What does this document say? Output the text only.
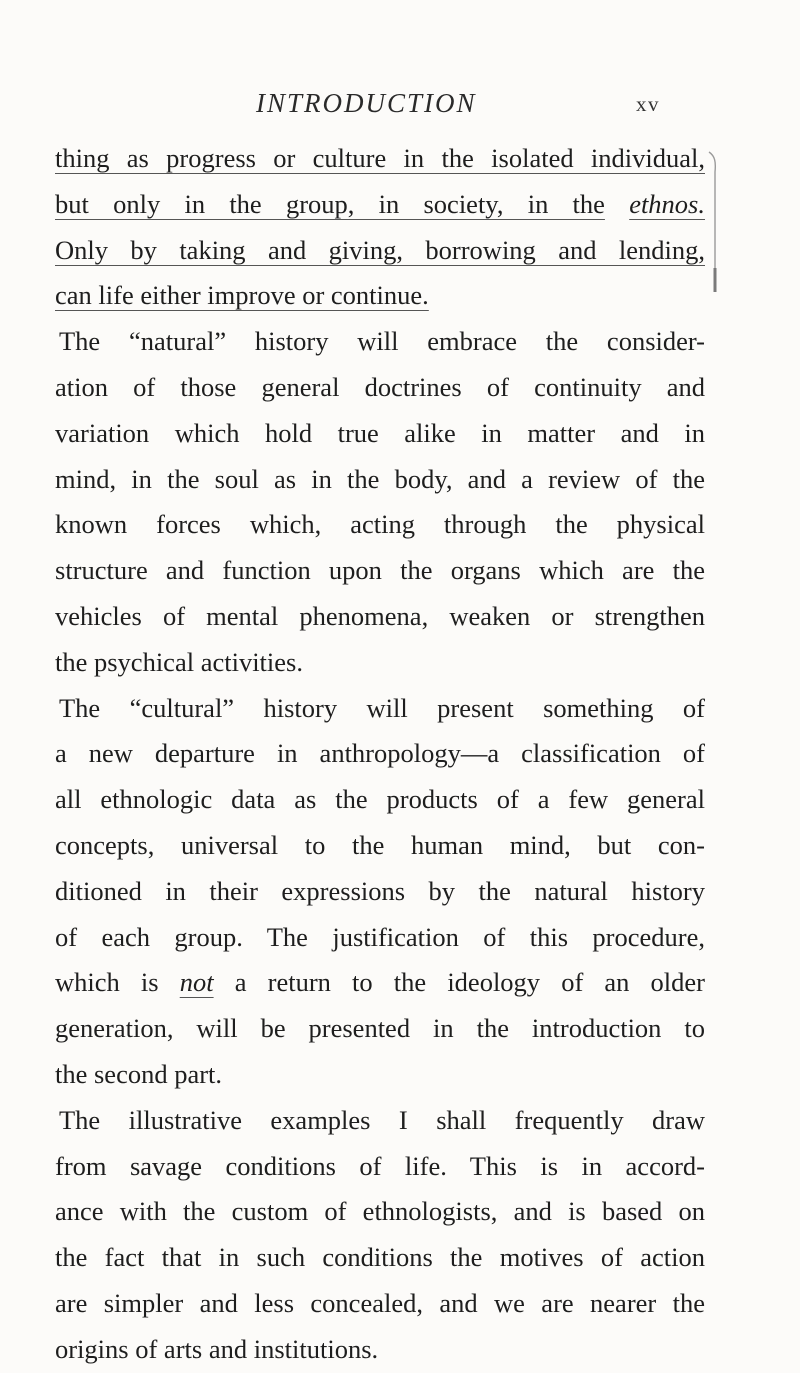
INTRODUCTION	xv
thing as progress or culture in the isolated individual,
but only in the group, in society, in the ethnos.
Only by taking and giving, borrowing and lending,
can life either improve or continue.
The “natural” history will embrace the consider-
ation of those general doctrines of continuity and
variation which hold true alike in matter and in
mind, in the soul as in the body, and a review of the
known forces which, acting through the physical
structure and function upon the organs which are the
vehicles of mental phenomena, weaken or strengthen
the psychical activities.
The “cultural” history will present something of
a new departure in anthropology—a classification of
all ethnologic data as the products of a few general
concepts, universal to the human mind, but con-
ditioned in their expressions by the natural history
of each group. The justification of this procedure,
which is not a return to the ideology of an older
generation, will be presented in the introduction to
the second part.
The illustrative examples I shall frequently draw
from savage conditions of life. This is in accord-
ance with the custom of ethnologists, and is based on
the fact that in such conditions the motives of action
are simpler and less concealed, and we are nearer the
origins of arts and institutions.
